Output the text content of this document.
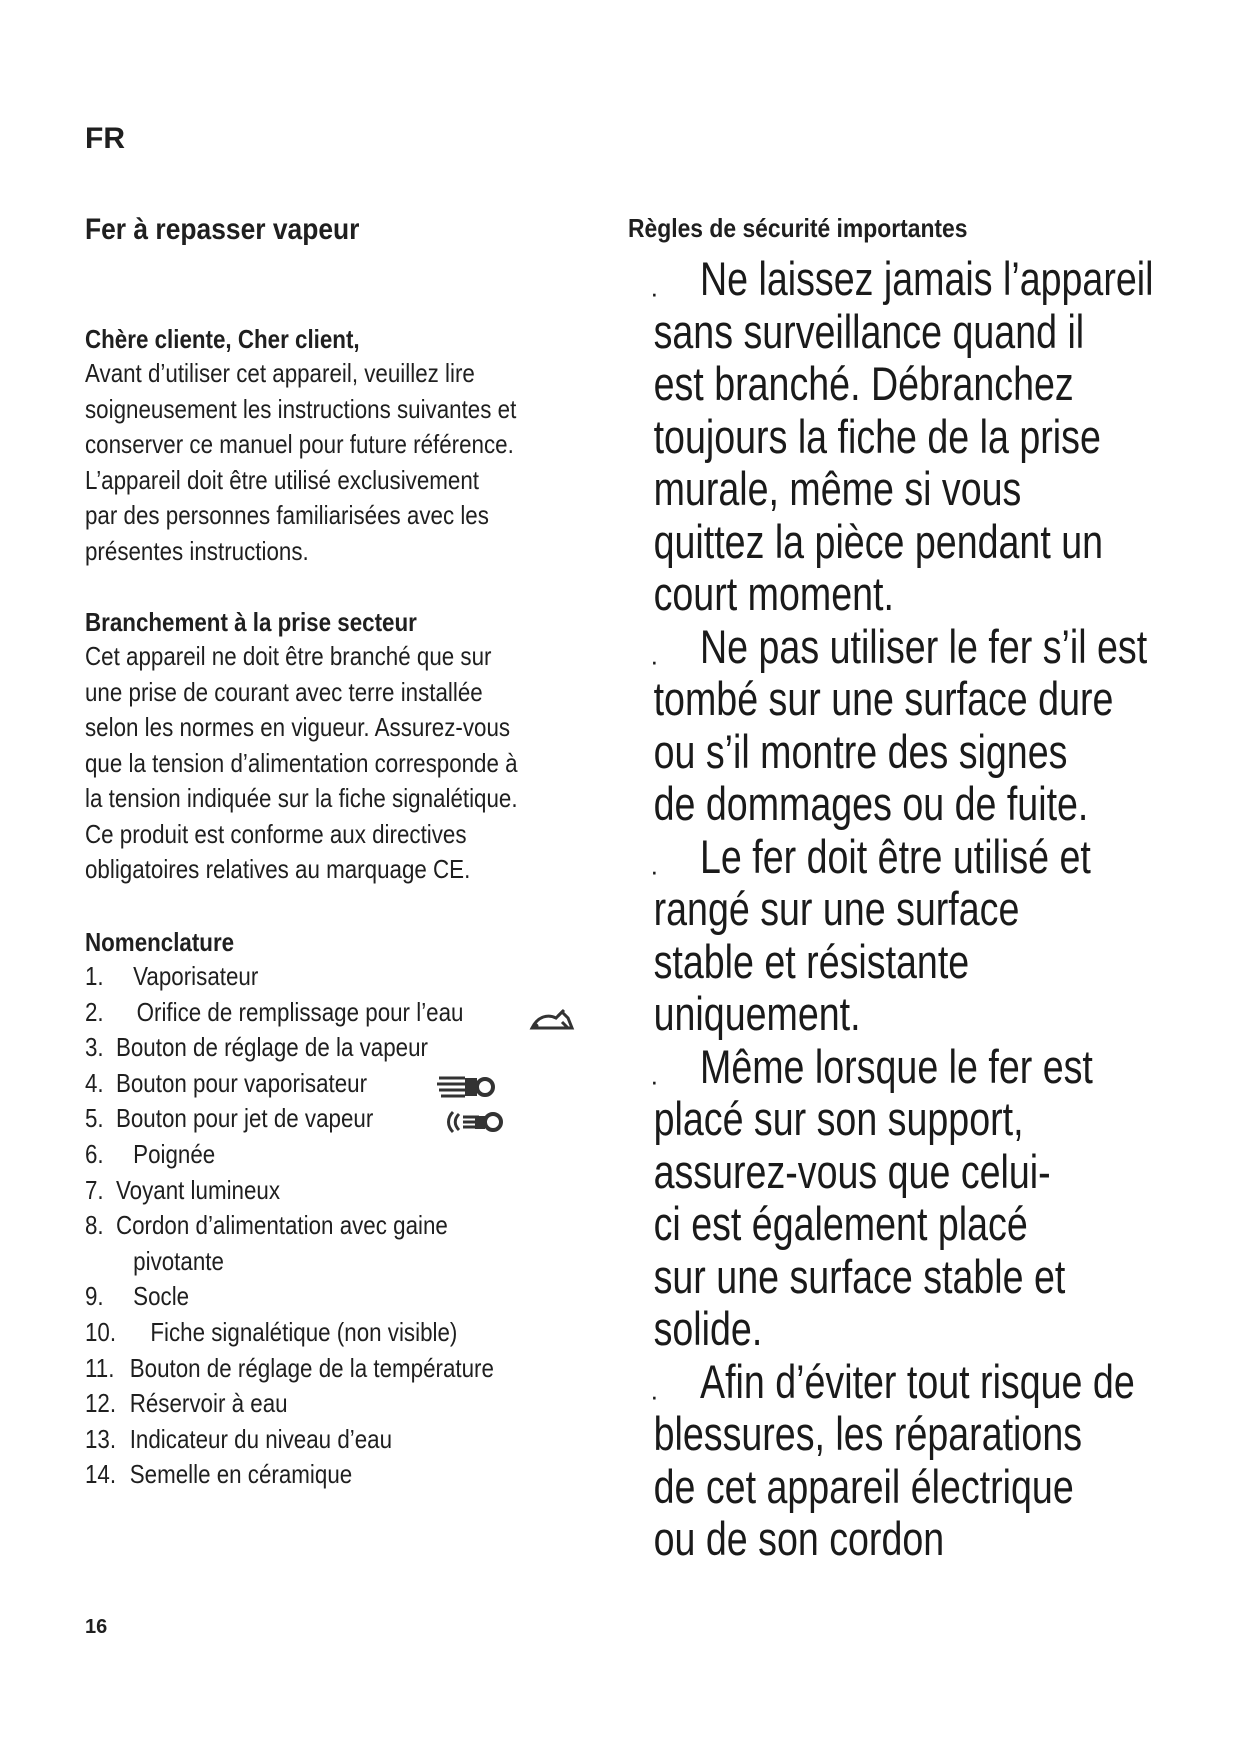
FR
Fer à repasser vapeur
Chère cliente, Cher client,
Avant d’utiliser cet appareil, veuillez lire
soigneusement les instructions suivantes et
conserver ce manuel pour future référence.
L’appareil doit être utilisé exclusivement
par des personnes familiarisées avec les
présentes instructions.
Branchement à la prise secteur
Cet appareil ne doit être branché que sur
une prise de courant avec terre installée
selon les normes en vigueur. Assurez-vous
que la tension d’alimentation corresponde à
la tension indiquée sur la fiche signalétique.
Ce produit est conforme aux directives
obligatoires relatives au marquage CE.
Nomenclature
1.	Vaporisateur
2.	Orifice de remplissage pour l’eau
3. Bouton de réglage de la vapeur
4. Bouton pour vaporisateur
5. Bouton pour jet de vapeur
6.	Poignée
7. Voyant lumineux
8. Cordon d’alimentation avec gaine
pivotante
9.	Socle
10.	Fiche signalétique (non visible)
11. Bouton de réglage de la température
12. Réservoir à eau
13. Indicateur du niveau d’eau
14. Semelle en céramique
Règles de sécurité importantes
· Ne laissez jamais l’appareil
sans surveillance quand il
est branché. Débranchez
toujours la fiche de la prise
murale, même si vous
quittez la pièce pendant un
court moment.
· Ne pas utiliser le fer s’il est
tombé sur une surface dure
ou s’il montre des signes
de dommages ou de fuite.
· Le fer doit être utilisé et
rangé sur une surface
stable et résistante
uniquement.
· Même lorsque le fer est
placé sur son support,
assurez-vous que celui-
ci est également placé
sur une surface stable et
solide.
· Afin d’éviter tout risque de
blessures, les réparations
de cet appareil électrique
ou de son cordon
16
